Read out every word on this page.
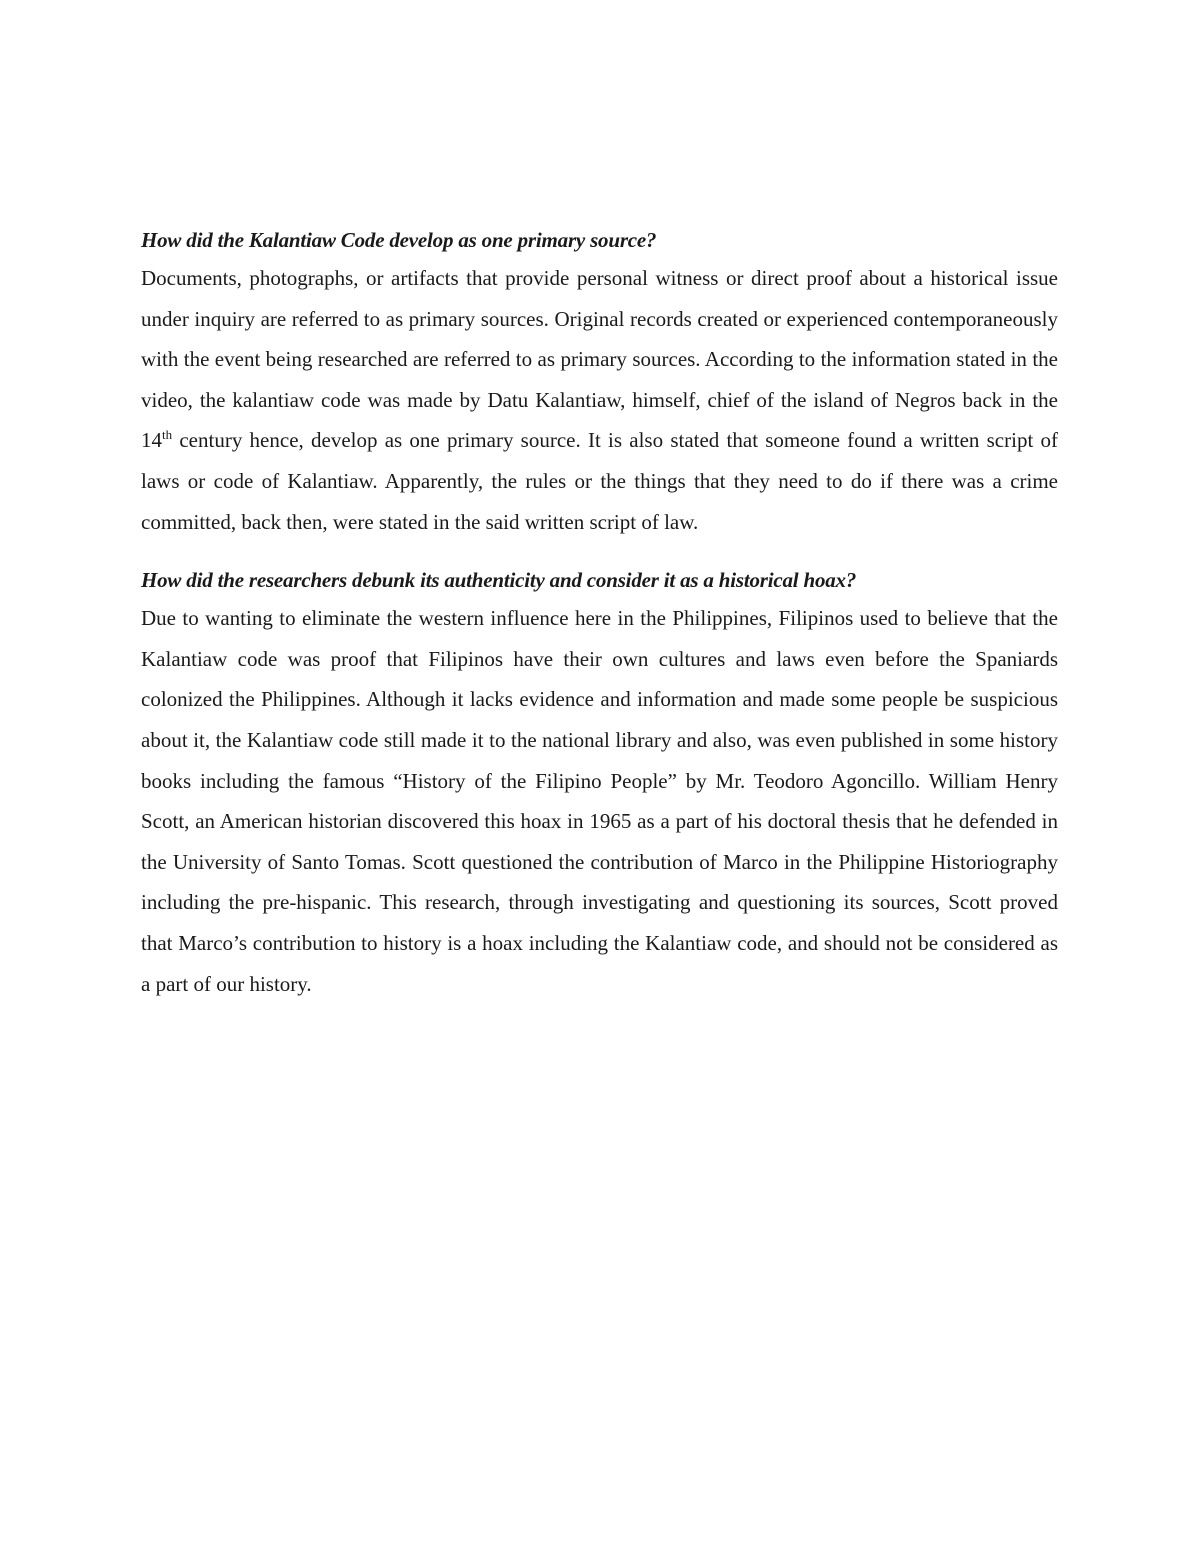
How did the Kalantiaw Code develop as one primary source?

Documents, photographs, or artifacts that provide personal witness or direct proof about a historical issue under inquiry are referred to as primary sources. Original records created or experienced contemporaneously with the event being researched are referred to as primary sources. According to the information stated in the video, the kalantiaw code was made by Datu Kalantiaw, himself, chief of the island of Negros back in the 14th century hence, develop as one primary source. It is also stated that someone found a written script of laws or code of Kalantiaw. Apparently, the rules or the things that they need to do if there was a crime committed, back then, were stated in the said written script of law.

How did the researchers debunk its authenticity and consider it as a historical hoax?

Due to wanting to eliminate the western influence here in the Philippines, Filipinos used to believe that the Kalantiaw code was proof that Filipinos have their own cultures and laws even before the Spaniards colonized the Philippines. Although it lacks evidence and information and made some people be suspicious about it, the Kalantiaw code still made it to the national library and also, was even published in some history books including the famous “History of the Filipino People” by Mr. Teodoro Agoncillo. William Henry Scott, an American historian discovered this hoax in 1965 as a part of his doctoral thesis that he defended in the University of Santo Tomas. Scott questioned the contribution of Marco in the Philippine Historiography including the pre-hispanic. This research, through investigating and questioning its sources, Scott proved that Marco’s contribution to history is a hoax including the Kalantiaw code, and should not be considered as a part of our history.
